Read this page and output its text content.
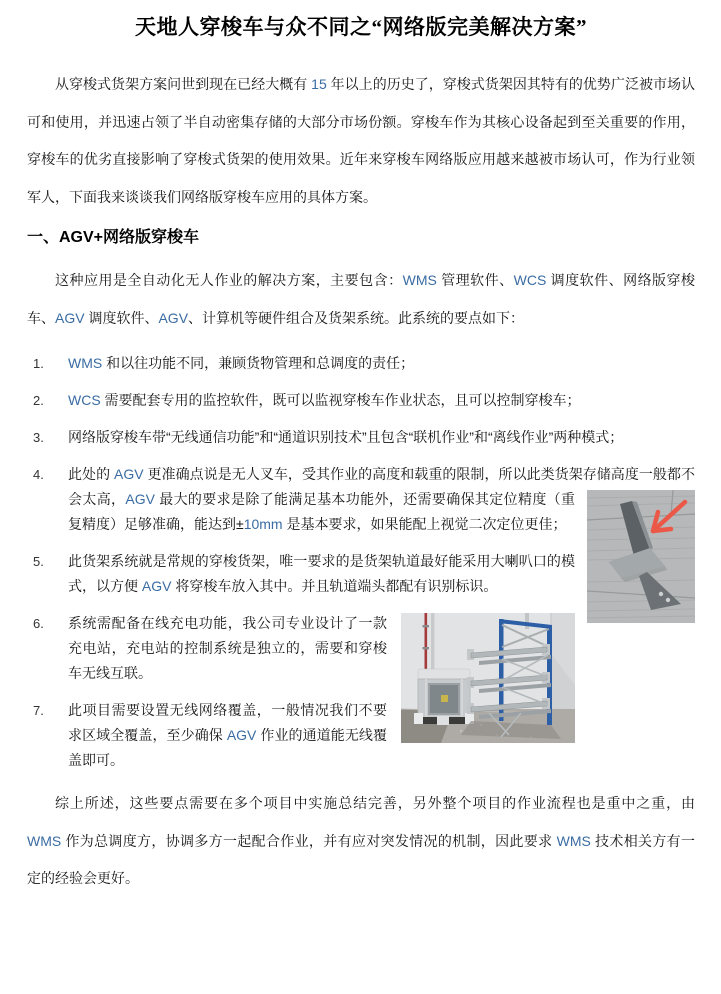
天地人穿梭车与众不同之“网络版完美解决方案”

从穿梭式货架方案问世到现在已经大概有 15 年以上的历史了，穿梭式货架因其特有的优势广泛被市场认可和使用，并迅速占领了半自动密集存储的大部分市场份额。穿梭车作为其核心设备起到至关重要的作用，穿梭车的优劣直接影响了穿梭式货架的使用效果。近年来穿梭车网络版应用越来越被市场认可，作为行业领军人，下面我来谈谈我们网络版穿梭车应用的具体方案。

一、AGV+网络版穿梭车

这种应用是全自动化无人作业的解决方案，主要包含：WMS 管理软件、WCS 调度软件、网络版穿梭车、AGV 调度软件、AGV、计算机等硬件组合及货架系统。此系统的要点如下：

1. WMS 和以往功能不同，兼顾货物管理和总调度的责任；
2. WCS 需要配套专用的监控软件，既可以监视穿梭车作业状态，且可以控制穿梭车；
3. 网络版穿梭车带“无线通信功能”和“通道识别技术”且包含“联机作业”和“离线作业”两种模式；
4. 此处的 AGV 更准确点说是无人叉车，受其作业的高度和载重的限制，所以此类货架存储高度一般都不会太高，AGV 最大的要求是除了能满足基本功能外，还需要
确保其定位精度（重复精度）足够准确，能达到±10mm 是基本要求，如果能配上视觉二次定位更佳；
5. 此货架系统就是常规的穿梭货架，唯一要求的是货架轨道最好能采用大喇叭口的模式，以方便 AGV 将穿梭车放入其中。并且轨道端头都配有识别标识。
6. 系统需配备在线充电功能，我公司专业设计了一款充电站，充电站的控制系统是独立的，需要和穿梭车无线互联。
7. 此项目需要设置无线网络覆盖，一般情况我们不要求区域全覆盖，至少确保 AGV 作业的通道能无线覆盖即可。

综上所述，这些要点需要在多个项目中实施总结完善，另外整个项目的作业流程也是重中之重，由 WMS 作为总调度方，协调多方一起配合作业，并有应对突发情况的机制，因此要求 WMS 技术相关方有一定的经验会更好。
